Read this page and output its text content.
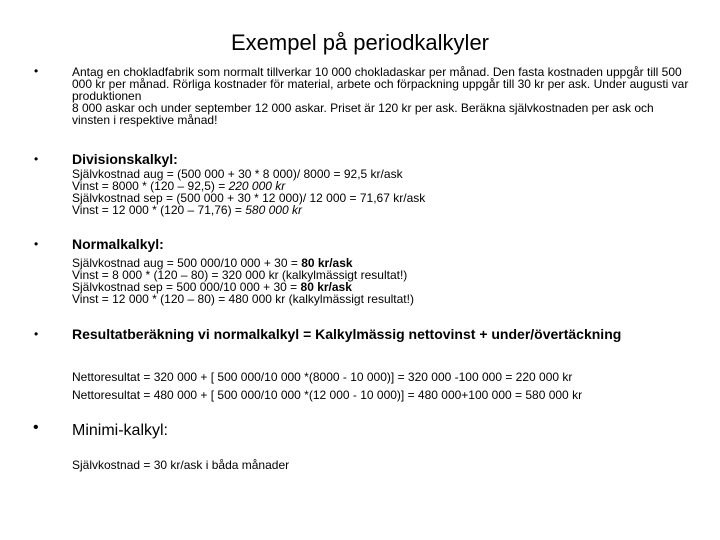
Exempel på periodkalkyler
•	Antag en chokladfabrik som normalt tillverkar 10 000 chokladaskar per månad. Den fasta kostnaden uppgår till 500 000 kr per månad. Rörliga kostnader för material, arbete och förpackning uppgår till 30 kr per ask. Under augusti var produktionen
8 000 askar och under september 12 000 askar. Priset är 120 kr per ask. Beräkna självkostnaden per ask och vinsten i respektive månad!
• Divisionskalkyl:
Självkostnad aug = (500 000 + 30 * 8 000)/ 8000 = 92,5 kr/ask
Vinst = 8000 * (120 – 92,5) = 220 000 kr
Självkostnad sep = (500 000 + 30 * 12 000)/ 12 000 = 71,67 kr/ask
Vinst = 12 000 * (120 – 71,76) = 580 000 kr
• Normalkalkyl:
Självkostnad aug = 500 000/10 000 + 30 = 80 kr/ask
Vinst = 8 000 * (120 – 80) = 320 000 kr (kalkylmässigt resultat!)
Självkostnad sep = 500 000/10 000 + 30 = 80 kr/ask
Vinst = 12 000 * (120 – 80) = 480 000 kr (kalkylmässigt resultat!)
• Resultatberäkning vi normalkalkyl = Kalkylmässig nettovinst + under/övertäckning
Nettoresultat = 320 000 + [ 500 000/10 000 *(8000 - 10 000)] = 320 000 -100 000 = 220 000 kr
Nettoresultat = 480 000 + [ 500 000/10 000 *(12 000 - 10 000)] = 480 000+100 000 = 580 000 kr
• Minimi-kalkyl:
Självkostnad = 30 kr/ask i båda månader
